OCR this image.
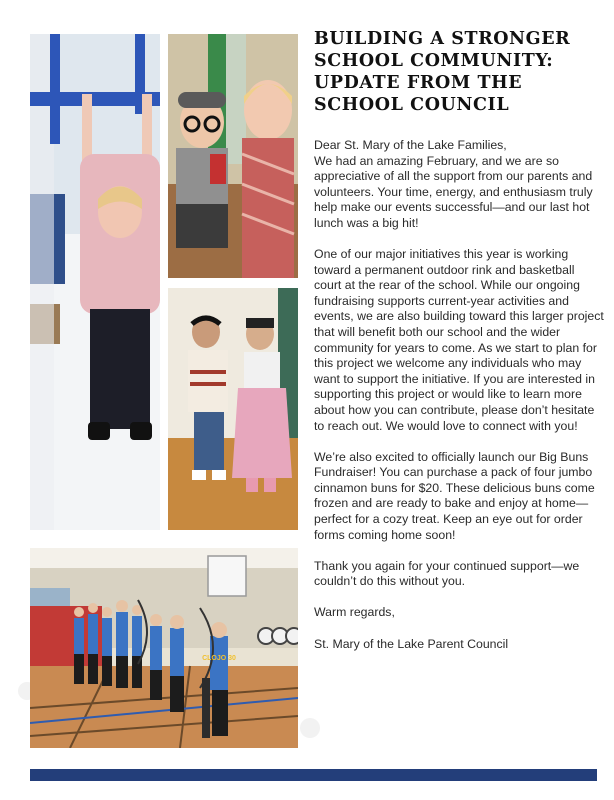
CLOJO 30
BUILDING A STRONGER SCHOOL COMMUNITY: UPDATE FROM THE SCHOOL COUNCIL

Dear St. Mary of the Lake Families,
We had an amazing February, and we are so appreciative of all the support from our parents and volunteers. Your time, energy, and enthusiasm truly help make our events successful—and our last hot lunch was a big hit!

One of our major initiatives this year is working toward a permanent outdoor rink and basketball court at the rear of the school. While our ongoing fundraising supports current-year activities and events, we are also building toward this larger project that will benefit both our school and the wider community for years to come. As we start to plan for this project we welcome any individuals who may want to support the initiative. If you are interested in supporting this project or would like to learn more about how you can contribute, please don’t hesitate to reach out. We would love to connect with you!

We’re also excited to officially launch our Big Buns Fundraiser! You can purchase a pack of four jumbo cinnamon buns for $20. These delicious buns come frozen and are ready to bake and enjoy at home—perfect for a cozy treat. Keep an eye out for order forms coming home soon!

Thank you again for your continued support—we couldn’t do this without you.

Warm regards,

St. Mary of the Lake Parent Council
